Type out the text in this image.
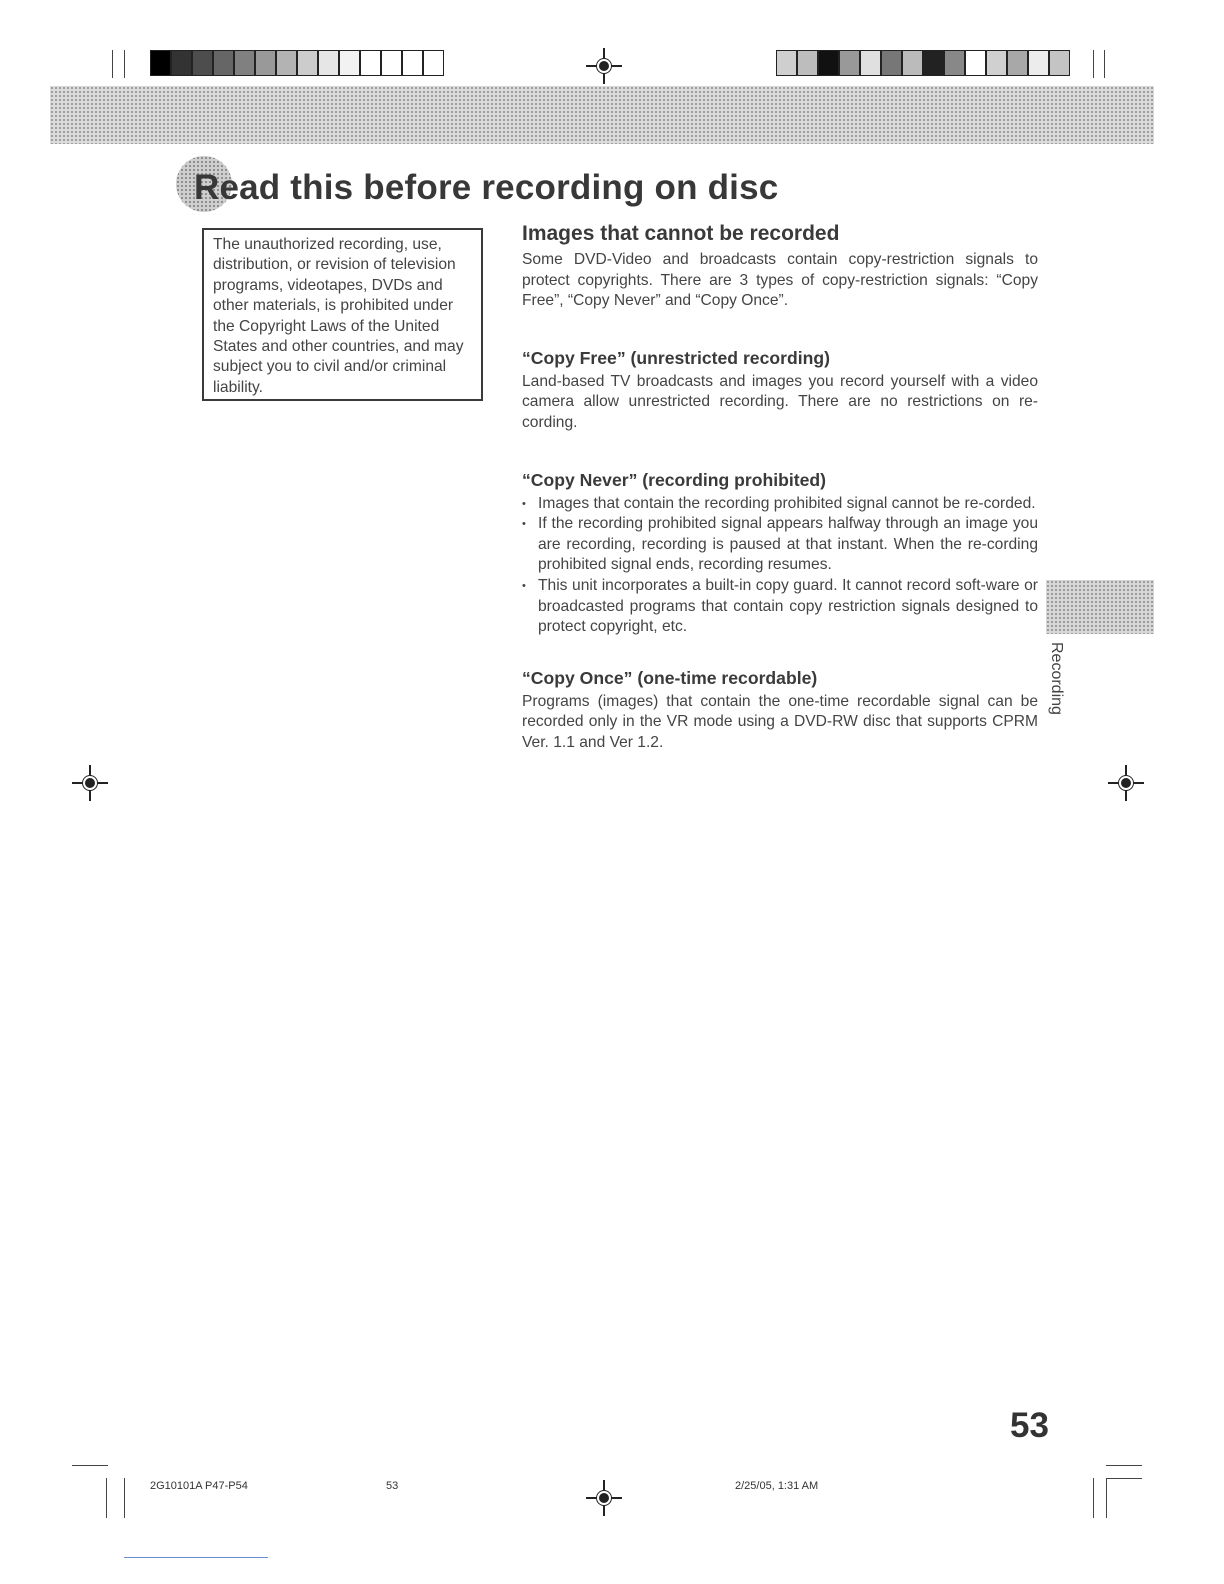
Read this before recording on disc
The unauthorized recording, use, distribution, or revision of television programs, videotapes, DVDs and other materials, is prohibited under the Copyright Laws of the United States and other countries, and may subject you to civil and/or criminal liability.
Images that cannot be recorded

Some DVD-Video and broadcasts contain copy-restriction signals to protect copyrights. There are 3 types of copy-restriction signals: “Copy Free”, “Copy Never” and “Copy Once”.

“Copy Free” (unrestricted recording)

Land-based TV broadcasts and images you record yourself with a video camera allow unrestricted recording. There are no restrictions on re-cording.

“Copy Never” (recording prohibited)
• Images that contain the recording prohibited signal cannot be re-corded.
• If the recording prohibited signal appears halfway through an image you are recording, recording is paused at that instant. When the re-cording prohibited signal ends, recording resumes.
• This unit incorporates a built-in copy guard. It cannot record soft-ware or broadcasted programs that contain copy restriction signals designed to protect copyright, etc.
“Copy Once” (one-time recordable)

Programs (images) that contain the one-time recordable signal can be recorded only in the VR mode using a DVD-RW disc that supports CPRM Ver. 1.1 and Ver 1.2.

Recording
53
2G10101A P47-P54	53	2/25/05, 1:31 AM
